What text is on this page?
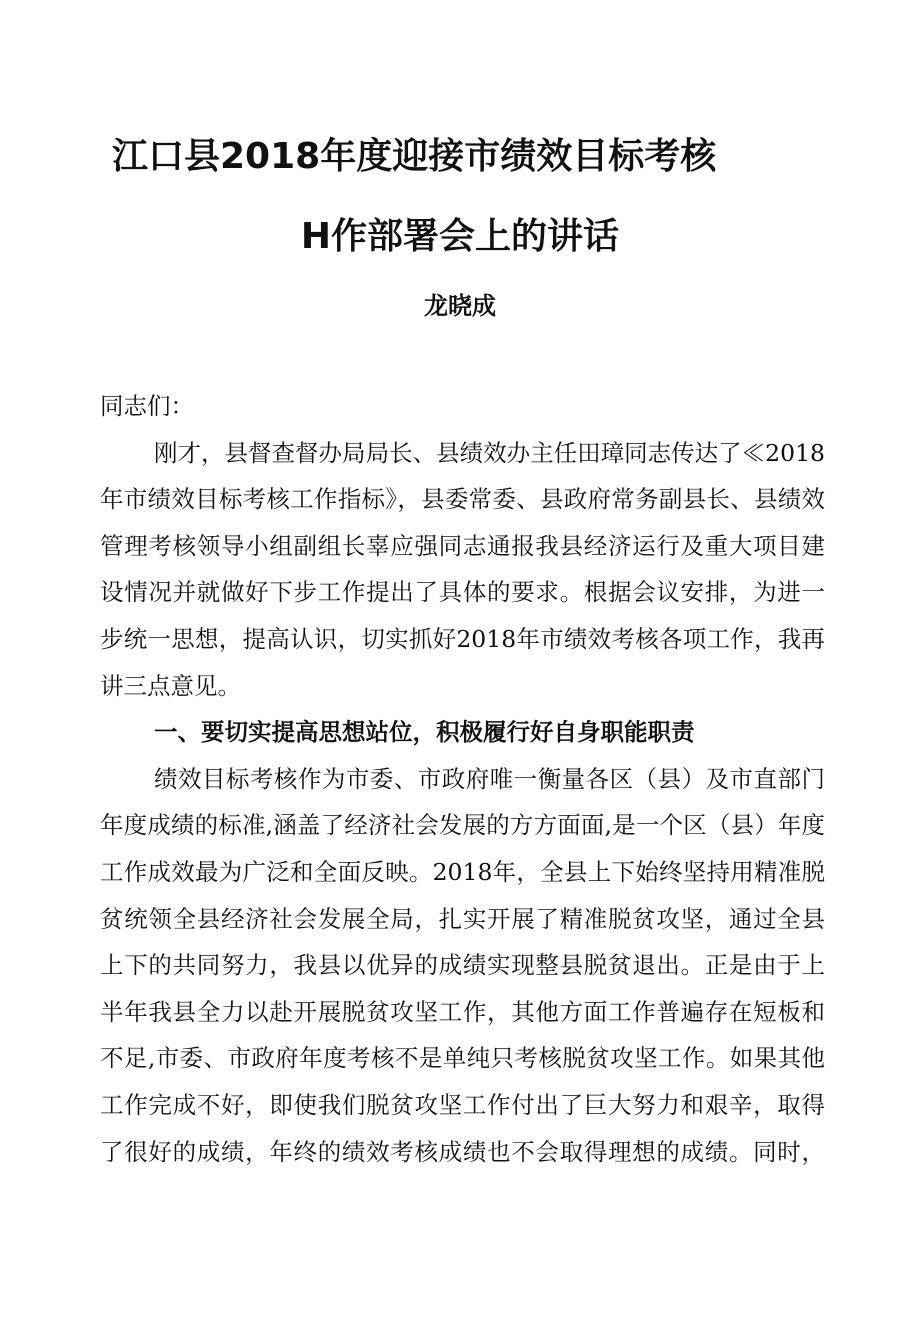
江口县2018年度迎接市绩效目标考核
H作部署会上的讲话
龙晓成

同志们：

刚才，县督查督办局局长、县绩效办主任田璋同志传达了≪2018年市绩效目标考核工作指标》，县委常委、县政府常务副县长、县绩效管理考核领导小组副组长辜应强同志通报我县经济运行及重大项目建设情况并就做好下步工作提出了具体的要求。根据会议安排，为进一步统一思想，提高认识，切实抓好2018年市绩效考核各项工作，我再讲三点意见。

一、要切实提高思想站位，积极履行好自身职能职责

绩效目标考核作为市委、市政府唯一衡量各区（县）及市直部门年度成绩的标准,涵盖了经济社会发展的方方面面,是一个区（县）年度工作成效最为广泛和全面反映。2018年，全县上下始终坚持用精准脱贫统领全县经济社会发展全局，扎实开展了精准脱贫攻坚，通过全县上下的共同努力，我县以优异的成绩实现整县脱贫退出。正是由于上半年我县全力以赴开展脱贫攻坚工作，其他方面工作普遍存在短板和不足,市委、市政府年度考核不是单纯只考核脱贫攻坚工作。如果其他工作完成不好，即使我们脱贫攻坚工作付出了巨大努力和艰辛，取得了很好的成绩，年终的绩效考核成绩也不会取得理想的成绩。同时，
